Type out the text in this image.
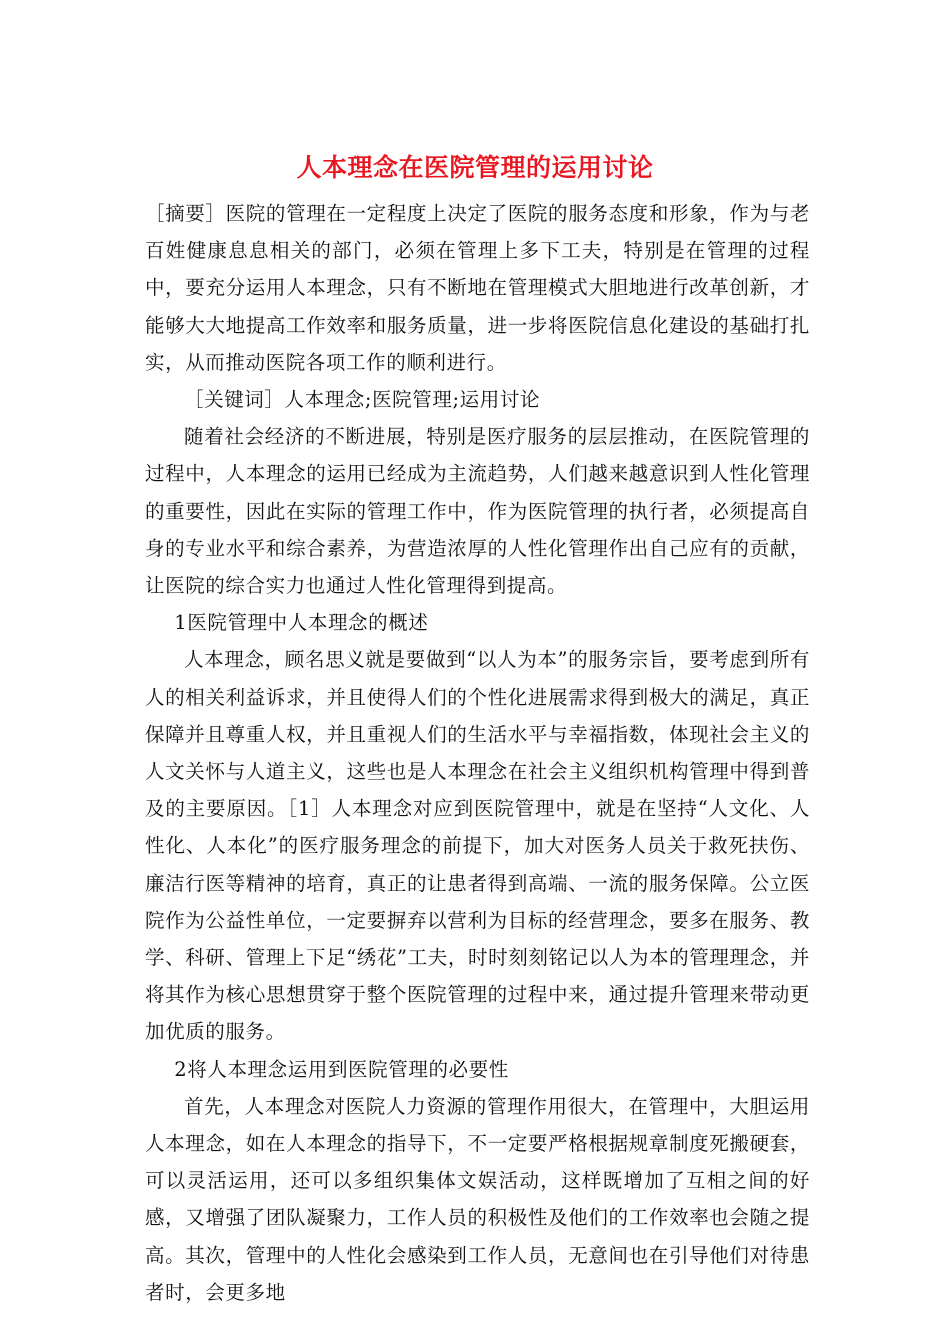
人本理念在医院管理的运用讨论

［摘要］医院的管理在一定程度上决定了医院的服务态度和形象，作为与老百姓健康息息相关的部门，必须在管理上多下工夫，特别是在管理的过程中，要充分运用人本理念，只有不断地在管理模式大胆地进行改革创新，才能够大大地提高工作效率和服务质量，进一步将医院信息化建设的基础打扎实，从而推动医院各项工作的顺利进行。

［关键词］人本理念;医院管理;运用讨论

随着社会经济的不断进展，特别是医疗服务的层层推动，在医院管理的过程中，人本理念的运用已经成为主流趋势，人们越来越意识到人性化管理的重要性，因此在实际的管理工作中，作为医院管理的执行者，必须提高自身的专业水平和综合素养，为营造浓厚的人性化管理作出自己应有的贡献，让医院的综合实力也通过人性化管理得到提高。

1医院管理中人本理念的概述

人本理念，顾名思义就是要做到“以人为本”的服务宗旨，要考虑到所有人的相关利益诉求，并且使得人们的个性化进展需求得到极大的满足，真正保障并且尊重人权，并且重视人们的生活水平与幸福指数，体现社会主义的人文关怀与人道主义，这些也是人本理念在社会主义组织机构管理中得到普及的主要原因。［1］人本理念对应到医院管理中，就是在坚持“人文化、人性化、人本化”的医疗服务理念的前提下，加大对医务人员关于救死扶伤、廉洁行医等精神的培育，真正的让患者得到高端、一流的服务保障。公立医院作为公益性单位，一定要摒弃以营利为目标的经营理念，要多在服务、教学、科研、管理上下足“绣花”工夫，时时刻刻铭记以人为本的管理理念，并将其作为核心思想贯穿于整个医院管理的过程中来，通过提升管理来带动更加优质的服务。

2将人本理念运用到医院管理的必要性

首先，人本理念对医院人力资源的管理作用很大，在管理中，大胆运用人本理念，如在人本理念的指导下，不一定要严格根据规章制度死搬硬套，可以灵活运用，还可以多组织集体文娱活动，这样既增加了互相之间的好感，又增强了团队凝聚力，工作人员的积极性及他们的工作效率也会随之提高。其次，管理中的人性化会感染到工作人员，无意间也在引导他们对待患者时，会更多地
